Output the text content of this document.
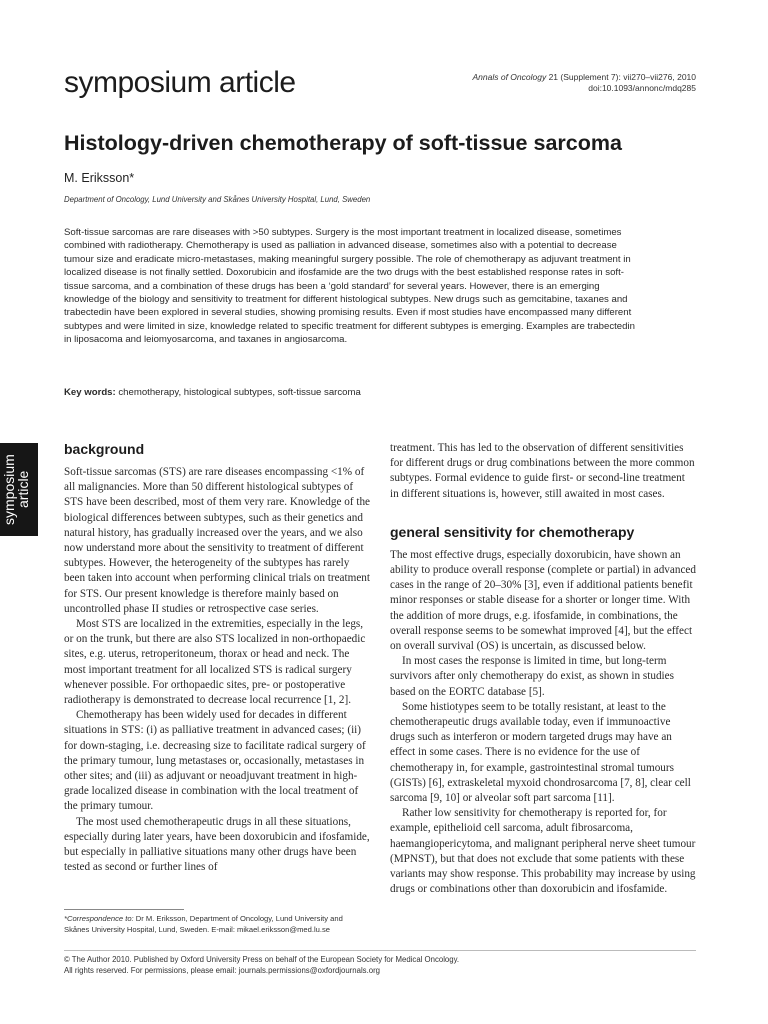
symposium article	Annals of Oncology 21 (Supplement 7): vii270–vii276, 2010
doi:10.1093/annonc/mdq285
Histology-driven chemotherapy of soft-tissue sarcoma
M. Eriksson*
Department of Oncology, Lund University and Skånes University Hospital, Lund, Sweden

Soft-tissue sarcomas are rare diseases with >50 subtypes. Surgery is the most important treatment in localized disease, sometimes combined with radiotherapy. Chemotherapy is used as palliation in advanced disease, sometimes also with a potential to decrease tumour size and eradicate micro-metastases, making meaningful surgery possible. The role of chemotherapy as adjuvant treatment in localized disease is not finally settled. Doxorubicin and ifosfamide are the two drugs with the best established response rates in soft-tissue sarcoma, and a combination of these drugs has been a ‘gold standard’ for several years. However, there is an emerging knowledge of the biology and sensitivity to treatment for different histological subtypes. New drugs such as gemcitabine, taxanes and trabectedin have been explored in several studies, showing promising results. Even if most studies have encompassed many different subtypes and were limited in size, knowledge related to specific treatment for different subtypes is emerging. Examples are trabectedin in liposacoma and leiomyosarcoma, and taxanes in angiosarcoma.

Key words: chemotherapy, histological subtypes, soft-tissue sarcoma
symposium
article
background

Soft-tissue sarcomas (STS) are rare diseases encompassing <1% of all malignancies. More than 50 different histological subtypes of STS have been described, most of them very rare. Knowledge of the biological differences between subtypes, such as their genetics and natural history, has gradually increased over the years, and we also now understand more about the sensitivity to treatment of different subtypes. However, the heterogeneity of the subtypes has rarely been taken into account when performing clinical trials on treatment for STS. Our present knowledge is therefore mainly based on uncontrolled phase II studies or retrospective case series.

Most STS are localized in the extremities, especially in the legs, or on the trunk, but there are also STS localized in non-orthopaedic sites, e.g. uterus, retroperitoneum, thorax or head and neck. The most important treatment for all localized STS is radical surgery whenever possible. For orthopaedic sites, pre- or postoperative radiotherapy is demonstrated to decrease local recurrence [1, 2].

Chemotherapy has been widely used for decades in different situations in STS: (i) as palliative treatment in advanced cases; (ii) for down-staging, i.e. decreasing size to facilitate radical surgery of the primary tumour, lung metastases or, occasionally, metastases in other sites; and (iii) as adjuvant or neoadjuvant treatment in high-grade localized disease in combination with the local treatment of the primary tumour.

The most used chemotherapeutic drugs in all these situations, especially during later years, have been doxorubicin and ifosfamide, but especially in palliative situations many other drugs have been tested as second or further lines of

treatment. This has led to the observation of different sensitivities for different drugs or drug combinations between the more common subtypes. Formal evidence to guide first- or second-line treatment in different situations is, however, still awaited in most cases.

general sensitivity for chemotherapy

The most effective drugs, especially doxorubicin, have shown an ability to produce overall response (complete or partial) in advanced cases in the range of 20–30% [3], even if additional patients benefit minor responses or stable disease for a shorter or longer time. With the addition of more drugs, e.g. ifosfamide, in combinations, the overall response seems to be somewhat improved [4], but the effect on overall survival (OS) is uncertain, as discussed below.

In most cases the response is limited in time, but long-term survivors after only chemotherapy do exist, as shown in studies based on the EORTC database [5].

Some histiotypes seem to be totally resistant, at least to the chemotherapeutic drugs available today, even if immunoactive drugs such as interferon or modern targeted drugs may have an effect in some cases. There is no evidence for the use of chemotherapy in, for example, gastrointestinal stromal tumours (GISTs) [6], extraskeletal myxoid chondrosarcoma [7, 8], clear cell sarcoma [9, 10] or alveolar soft part sarcoma [11].

Rather low sensitivity for chemotherapy is reported for, for example, epithelioid cell sarcoma, adult fibrosarcoma, haemangiopericytoma, and malignant peripheral nerve sheet tumour (MPNST), but that does not exclude that some patients with these variants may show response. This probability may increase by using drugs or combinations other than doxorubicin and ifosfamide.

*Correspondence to: Dr M. Eriksson, Department of Oncology, Lund University and Skånes University Hospital, Lund, Sweden. E-mail: mikael.eriksson@med.lu.se
© The Author 2010. Published by Oxford University Press on behalf of the European Society for Medical Oncology.
All rights reserved. For permissions, please email: journals.permissions@oxfordjournals.org
